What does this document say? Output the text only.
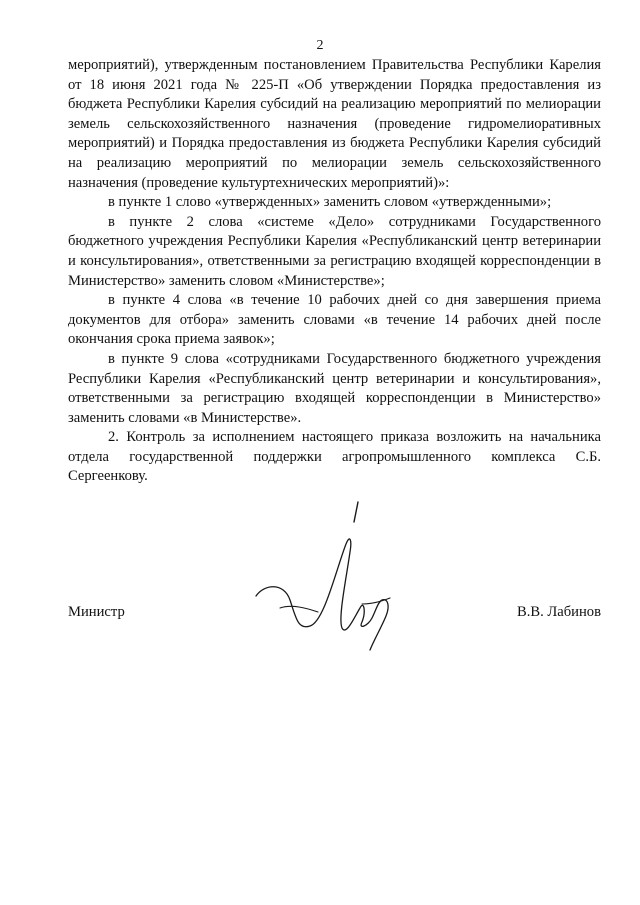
2

мероприятий), утвержденным постановлением Правительства Республики Карелия от 18 июня 2021 года № 225-П «Об утверждении Порядка предоставления из бюджета Республики Карелия субсидий на реализацию мероприятий по мелиорации земель сельскохозяйственного назначения (проведение гидромелиоративных мероприятий) и Порядка предоставления из бюджета Республики Карелия субсидий на реализацию мероприятий по мелиорации земель сельскохозяйственного назначения (проведение культуртехнических мероприятий)»:

в пункте 1 слово «утвержденных» заменить словом «утвержденными»;

в пункте 2 слова «системе «Дело» сотрудниками Государственного бюджетного учреждения Республики Карелия «Республиканский центр ветеринарии и консультирования», ответственными за регистрацию входящей корреспонденции в Министерство» заменить словом «Министерстве»;

в пункте 4 слова «в течение 10 рабочих дней со дня завершения приема документов для отбора» заменить словами «в течение 14 рабочих дней после окончания срока приема заявок»;

в пункте 9 слова «сотрудниками Государственного бюджетного учреждения Республики Карелия «Республиканский центр ветеринарии и консультирования», ответственными за регистрацию входящей корреспонденции в Министерство» заменить словами «в Министерстве».

2. Контроль за исполнением настоящего приказа возложить на начальника отдела государственной поддержки агропромышленного комплекса С.Б. Сергеенкову.

Министр	В.В. Лабинов
